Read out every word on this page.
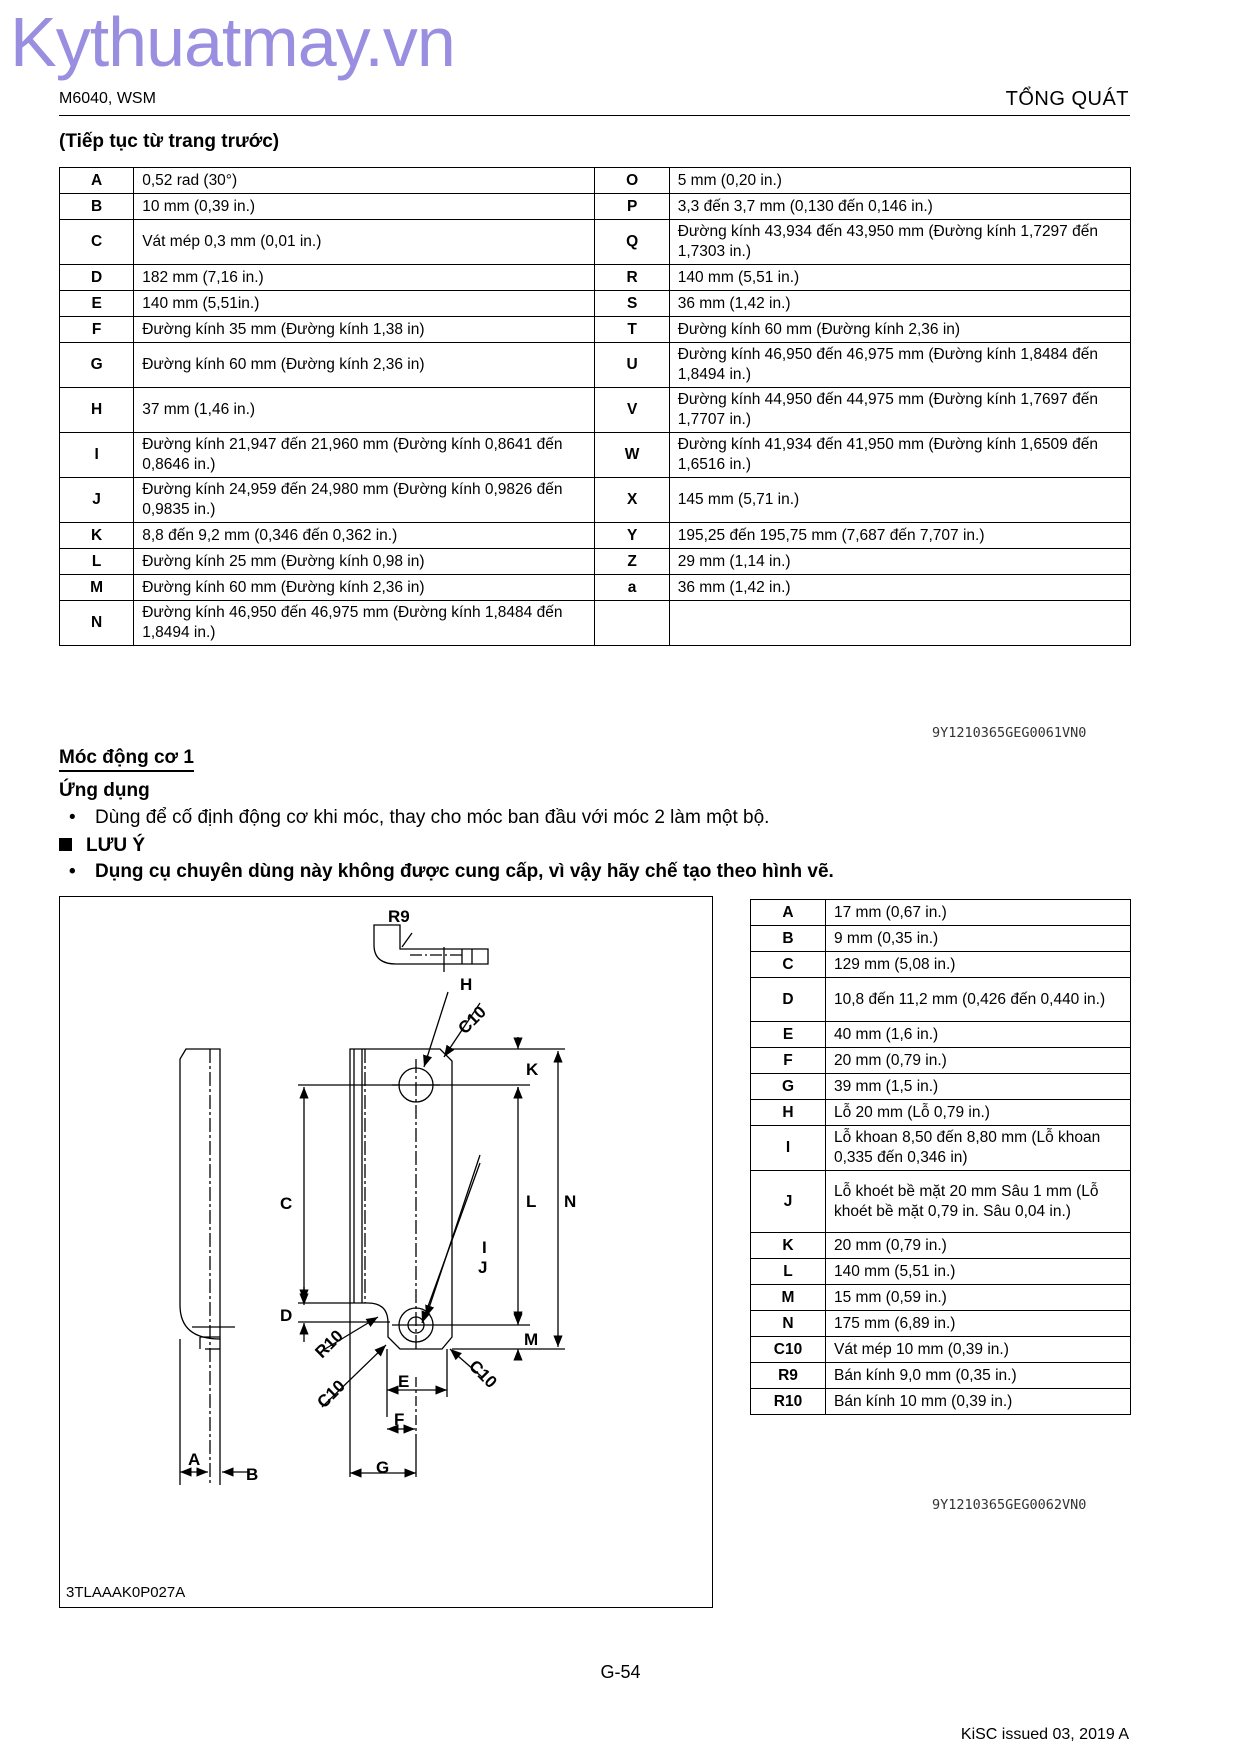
Kythuatmay.vn
M6040, WSM	TỔNG QUÁT
(Tiếp tục từ trang trước)
A	0,52 rad (30°)	O	5 mm (0,20 in.)
B	10 mm (0,39 in.)	P	3,3 đến 3,7 mm (0,130 đến 0,146 in.)
C	Vát mép 0,3 mm (0,01 in.)	Q	Đường kính 43,934 đến 43,950 mm (Đường kính 1,7297 đến 1,7303 in.)
D	182 mm (7,16 in.)	R	140 mm (5,51 in.)
E	140 mm (5,51in.)	S	36 mm (1,42 in.)
F	Đường kính 35 mm (Đường kính 1,38 in)	T	Đường kính 60 mm (Đường kính 2,36 in)
G	Đường kính 60 mm (Đường kính 2,36 in)	U	Đường kính 46,950 đến 46,975 mm (Đường kính 1,8484 đến 1,8494 in.)
H	37 mm (1,46 in.)	V	Đường kính 44,950 đến 44,975 mm (Đường kính 1,7697 đến 1,7707 in.)
I	Đường kính 21,947 đến 21,960 mm (Đường kính 0,8641 đến 0,8646 in.)	W	Đường kính 41,934 đến 41,950 mm (Đường kính 1,6509 đến 1,6516 in.)
J	Đường kính 24,959 đến 24,980 mm (Đường kính 0,9826 đến 0,9835 in.)	X	145 mm (5,71 in.)
K	8,8 đến 9,2 mm (0,346 đến 0,362 in.)	Y	195,25 đến 195,75 mm (7,687 đến 7,707 in.)
L	Đường kính 25 mm (Đường kính 0,98 in)	Z	29 mm (1,14 in.)
M	Đường kính 60 mm (Đường kính 2,36 in)	a	36 mm (1,42 in.)
N	Đường kính 46,950 đến 46,975 mm (Đường kính 1,8484 đến 1,8494 in.)		
9Y1210365GEG0061VN0
Móc động cơ 1
Ứng dụng
• Dùng để cố định động cơ khi móc, thay cho móc ban đầu với móc 2 làm một bộ.
LƯU Ý
• Dụng cụ chuyên dùng này không được cung cấp, vì vậy hãy chế tạo theo hình vẽ.
R9
H
C10
K
C	L N
I
J
D
M
R10
C10
C10
E
F
G
A
B
3TLAAAK0P027A
A	17 mm (0,67 in.)
B	9 mm (0,35 in.)
C	129 mm (5,08 in.)
D	10,8 đến 11,2 mm (0,426 đến 0,440 in.)
E	40 mm (1,6 in.)
F	20 mm (0,79 in.)
G	39 mm (1,5 in.)
H	Lỗ 20 mm (Lỗ 0,79 in.)
I	Lỗ khoan 8,50 đến 8,80 mm (Lỗ khoan 0,335 đến 0,346 in)
J	Lỗ khoét bề mặt 20 mm Sâu 1 mm (Lỗ khoét bề mặt 0,79 in. Sâu 0,04 in.)
K	20 mm (0,79 in.)
L	140 mm (5,51 in.)
M	15 mm (0,59 in.)
N	175 mm (6,89 in.)
C10	Vát mép 10 mm (0,39 in.)
R9	Bán kính 9,0 mm (0,35 in.)
R10	Bán kính 10 mm (0,39 in.)
9Y1210365GEG0062VN0
G-54
KiSC issued 03, 2019 A
